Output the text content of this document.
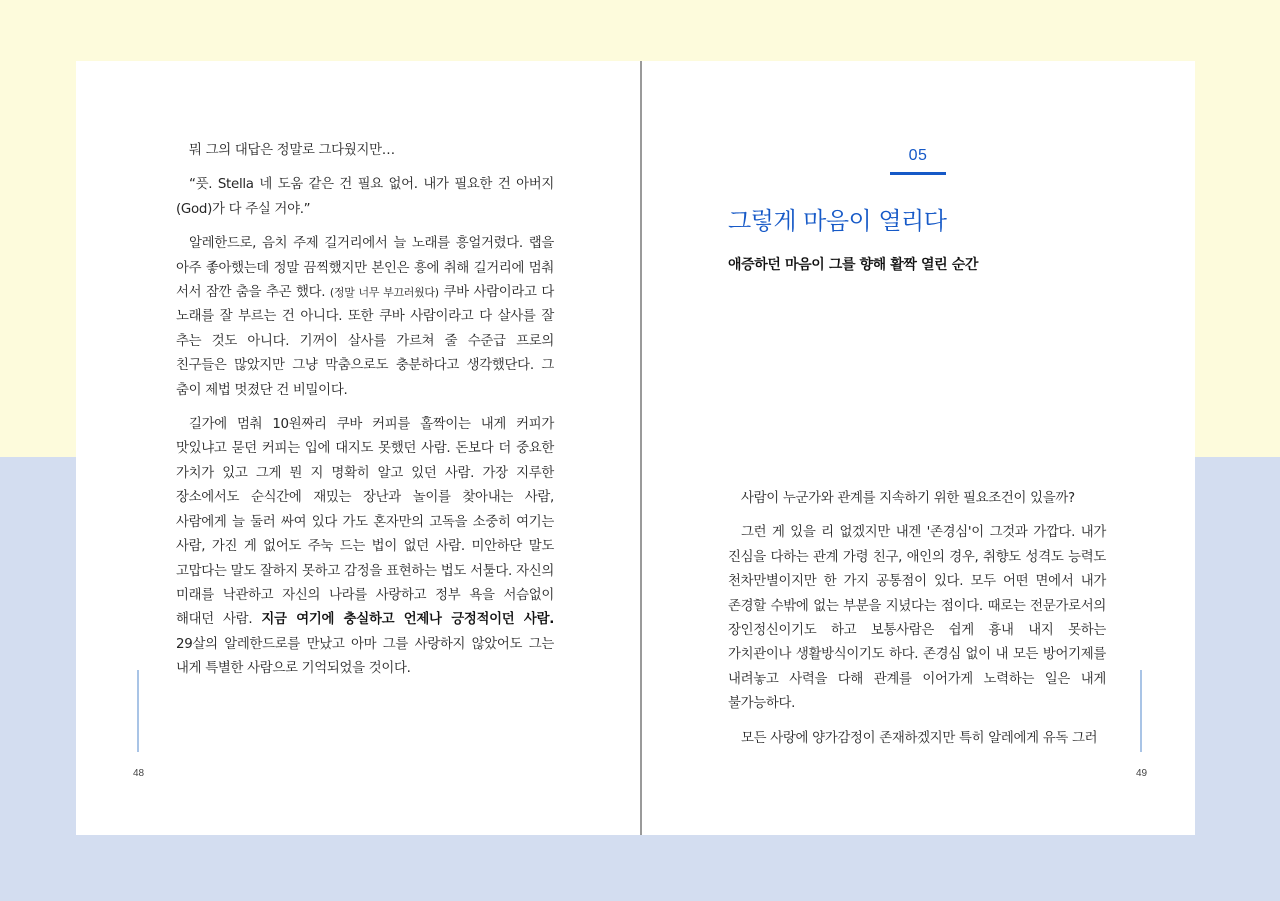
뭐 그의 대답은 정말로 그다웠지만…

“픗. Stella 네 도움 같은 건 필요 없어. 내가 필요한 건 아버지(God)가 다 주실 거야.”

알레한드로, 음치 주제 길거리에서 늘 노래를 흥얼거렸다. 랩을 아주 좋아했는데 정말 끔찍했지만 본인은 흥에 취해 길거리에 멈춰 서서 잠깐 춤을 추곤 했다. (정말 너무 부끄러웠다) 쿠바 사람이라고 다 노래를 잘 부르는 건 아니다. 또한 쿠바 사람이라고 다 살사를 잘 추는 것도 아니다. 기꺼이 살사를 가르쳐 줄 수준급 프로의 친구들은 많았지만 그냥 막춤으로도 충분하다고 생각했단다. 그 춤이 제법 멋졌단 건 비밀이다.

길가에 멈춰 10원짜리 쿠바 커피를 홀짝이는 내게 커피가 맛있냐고 묻던 커피는 입에 대지도 못했던 사람. 돈보다 더 중요한 가치가 있고 그게 뭔 지 명확히 알고 있던 사람. 가장 지루한 장소에서도 순식간에 재밌는 장난과 놀이를 찾아내는 사람, 사람에게 늘 둘러 싸여 있다 가도 혼자만의 고독을 소중히 여기는 사람, 가진 게 없어도 주눅 드는 법이 없던 사람. 미안하단 말도 고맙다는 말도 잘하지 못하고 감정을 표현하는 법도 서툴다. 자신의 미래를 낙관하고 자신의 나라를 사랑하고 정부 욕을 서슴없이 해대던 사람. 지금 여기에 충실하고 언제나 긍정적이던 사람. 29살의 알레한드로를 만났고 아마 그를 사랑하지 않았어도 그는 내게 특별한 사람으로 기억되었을 것이다.

48
05
그렇게 마음이 열리다
애증하던 마음이 그를 향해 활짝 열린 순간

사람이 누군가와 관계를 지속하기 위한 필요조건이 있을까?

그런 게 있을 리 없겠지만 내겐 '존경심'이 그것과 가깝다. 내가 진심을 다하는 관계 가령 친구, 애인의 경우, 취향도 성격도 능력도 천차만별이지만 한 가지 공통점이 있다. 모두 어떤 면에서 내가 존경할 수밖에 없는 부분을 지녔다는 점이다. 때로는 전문가로서의 장인정신이기도 하고 보통사람은 쉽게 흉내 내지 못하는 가치관이나 생활방식이기도 하다. 존경심 없이 내 모든 방어기제를 내려놓고 사력을 다해 관계를 이어가게 노력하는 일은 내게 불가능하다.

모든 사랑에 양가감정이 존재하겠지만 특히 알레에게 유독 그러

49
